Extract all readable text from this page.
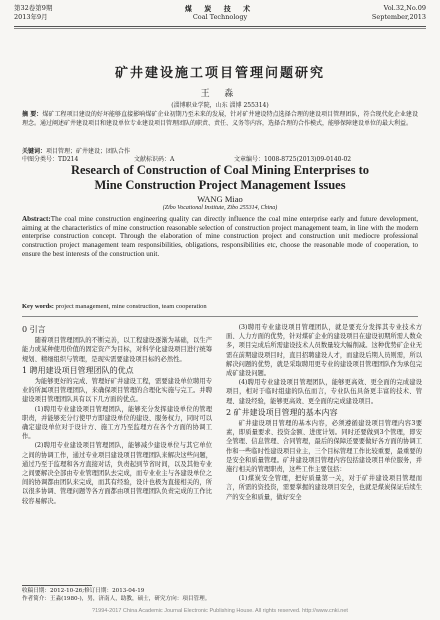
第32卷第9期
2013年9月
煤 炭 技 术
Coal Technology
Vol.32,No.09
September,2013
矿井建设施工项目管理问题研究
王 淼
(淄博职业学院，山东 淄博 255314)
摘 要：煤矿工程项目建设的好坏能够直接影响煤矿企业初期乃至未来的发展，针对矿井建设特点选择合理的建设项目管理团队，符合现代化企业建设理念。通过阐述矿井建设项目和建设单位专业建设项目管理团队的职责、责任、义务等内容，选择合理的合作模式，能够保障建设单位的最大利益。
关键词：项目管理；矿井建设；团队合作
中图分类号：TD214	文献标识码：A	文章编号：1008-8725(2013)09-0140-02
Research of Construction of Coal Mining Enterprises to
Mine Construction Project Management Issues
WANG Miao
(Zibo Vocational Institute, Zibo 255314, China)
Abstract:The coal mine construction engineering quality can directly influence the coal mine enterprise early and future development, aiming at the characteristics of mine construction reasonable selection of construction project management team, in line with the modern enterprise construction concept. Through the elaboration of mine construction project and construction unit mediocre professional construction project management team responsibilities, obligations, responsibilities etc, choose the reasonable mode of cooperation, to ensure the best interests of the construction unit.
Key words: project management, mine construction, team cooperation
0 引言

随着项目管理团队的不断完善，以工程建设逐渐为基础，以生产能力或某种使用价值的固定资产为目标，对科学化建设项目进行统筹规划、精细组织与管理，是现实需要建设项目标的必然性。

1 聘用建设项目管理团队的优点

为能够更好的完成、管理好矿井建设工程，需要建设单位聘用专业的所属项目管理团队，来确保项目管理的合理化实施与完工。并聘建设项目管理团队具有以下几方面的优点。

(1)聘用专业建设项目管理团队，能够充分发挥建设单位的管理职责，并能够充分行使甲方即建设单位的建设、服务权力，同时可以确定建设单位对于设计方、施工方乃至监理方在各个方面的协调工作。

(2)聘用专业建设项目管理团队，能够减少建设单位与其它单位之间的协调工作，通过专业项目建设项目管理团队来解决这些问题，通过乃至于监理和各方直接对话，负责起到节省时间，以及其他专业之间要解决全部由专业管理团队去完成，而专业业主与各建设单位之间的协调都由团队来完成，而其有经验，设计也极为直接相关的，所以很多协调、管理问题等各方面都由项目管理团队负责完成的工作比较容易解决。

(3)聘用专业建设项目管理团队，就是要充分发挥其专业技术方面、人力方面的优势，针对煤矿企业的建设项目在建设初期所需人数众多，项目完成后所需建设技术人员数量较大幅削减。这种优势矿企业无需在前期建设项目时，直目招聘建设人才，而建设后期人员则需，所以解决问题的优势，就是采取聘用更专业的建设项目管理团队作为承包完成矿建设问题。

(4)聘用专业建设项目管理团队，能够更高效、更全面的完成建设项目，相对于临时组建的队伍而言，专业队伍具备更丰富的技术、管理、建设经验，能够更高效、更全面的完成建设项目。

2 矿井建设项目管理的基本内容

矿井建设项目管理的基本内容，必须遵循建设项目管理内容3要素，即质量要求、投资金额、进度计划。同时还要做到3个管理，即安全管理、信息管理、合同管理，最后的保障还要要做好各方面的协调工作和一些临时性建设项目业主，三个目标管理工作比较重要，最重要的是安全和质量管理。矿井建设项目管理内容包括建设项目单位服务，并施行相关的管理职责，这些工作主要包括：

(1)煤炭安全管理，把好质量第一关，对于矿井建设项目管理而言，所需的资投资，需要掌握的建设项目安全，也就是煤炭保证后续生产的安全和质量，做好安全

收稿日期：2012-10-26;修订日期：2013-04-19
作者简介：王淼(1980-)，男，济南人，助教，硕士，研究方向：项目管理。
?1994-2017 China Academic Journal Electronic Publishing House. All rights reserved. http://www.cnki.net
